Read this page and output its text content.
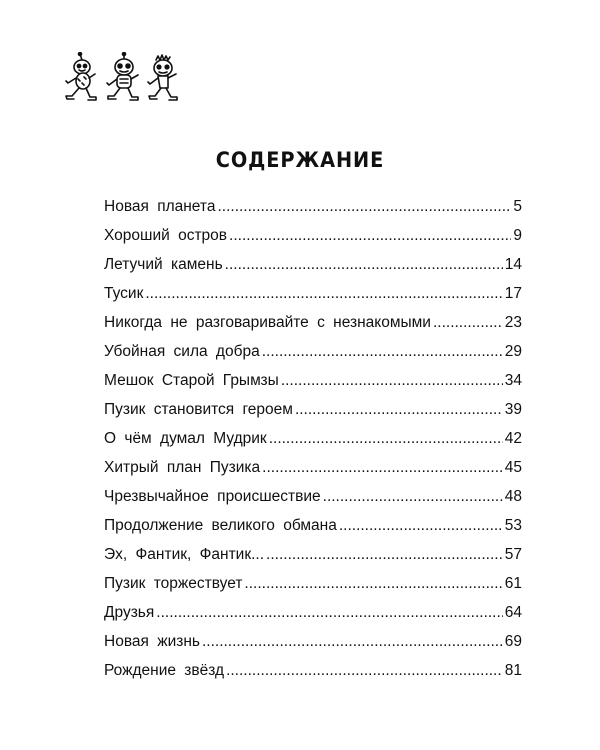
СОДЕРЖАНИЕ
Новая планета .....	5
Хороший остров .....	9
Летучий камень .....	14
Тусик .....	17
Никогда не разговаривайте с незнакомыми .....	23
Убойная сила добра .....	29
Мешок Старой Грымзы .....	34
Пузик становится героем .....	39
О чём думал Мудрик .....	42
Хитрый план Пузика .....	45
Чрезвычайное происшествие .....	48
Продолжение великого обмана .....	53
Эх, Фантик, Фантик... .....	57
Пузик торжествует .....	61
Друзья .....	64
Новая жизнь .....	69
Рождение звёзд .....	81
